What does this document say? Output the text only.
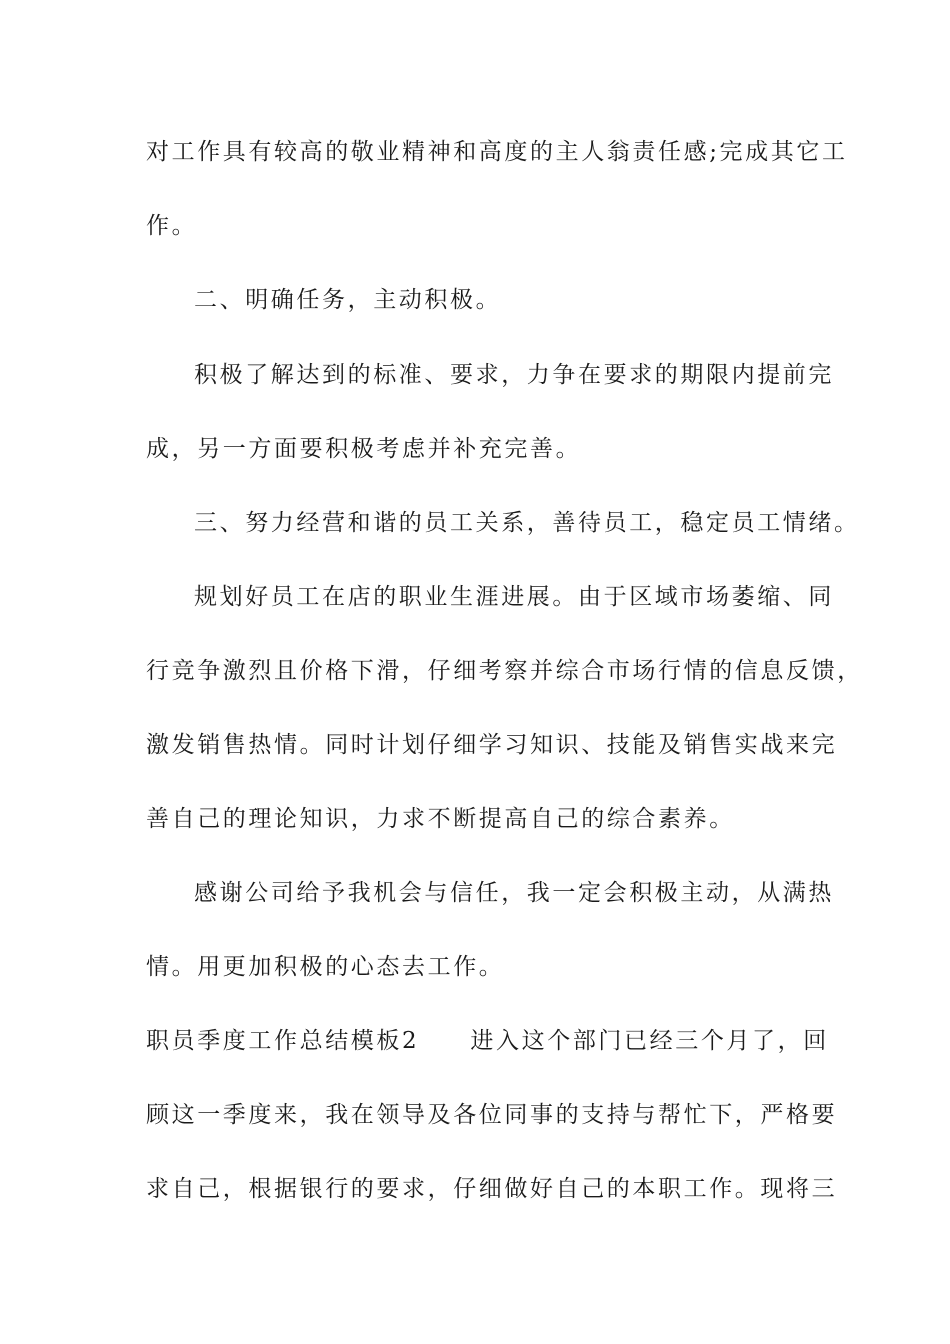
对工作具有较高的敬业精神和高度的主人翁责任感;完成其它工
作。
二、明确任务，主动积极。
积极了解达到的标准、要求，力争在要求的期限内提前完
成，另一方面要积极考虑并补充完善。
三、努力经营和谐的员工关系，善待员工，稳定员工情绪。
规划好员工在店的职业生涯进展。由于区域市场萎缩、同
行竞争激烈且价格下滑，仔细考察并综合市场行情的信息反馈，
激发销售热情。同时计划仔细学习知识、技能及销售实战来完
善自己的理论知识，力求不断提高自己的综合素养。
感谢公司给予我机会与信任，我一定会积极主动，从满热
情。用更加积极的心态去工作。
职员季度工作总结模板2　　进入这个部门已经三个月了，回
顾这一季度来，我在领导及各位同事的支持与帮忙下，严格要
求自己，根据银行的要求，仔细做好自己的本职工作。现将三
